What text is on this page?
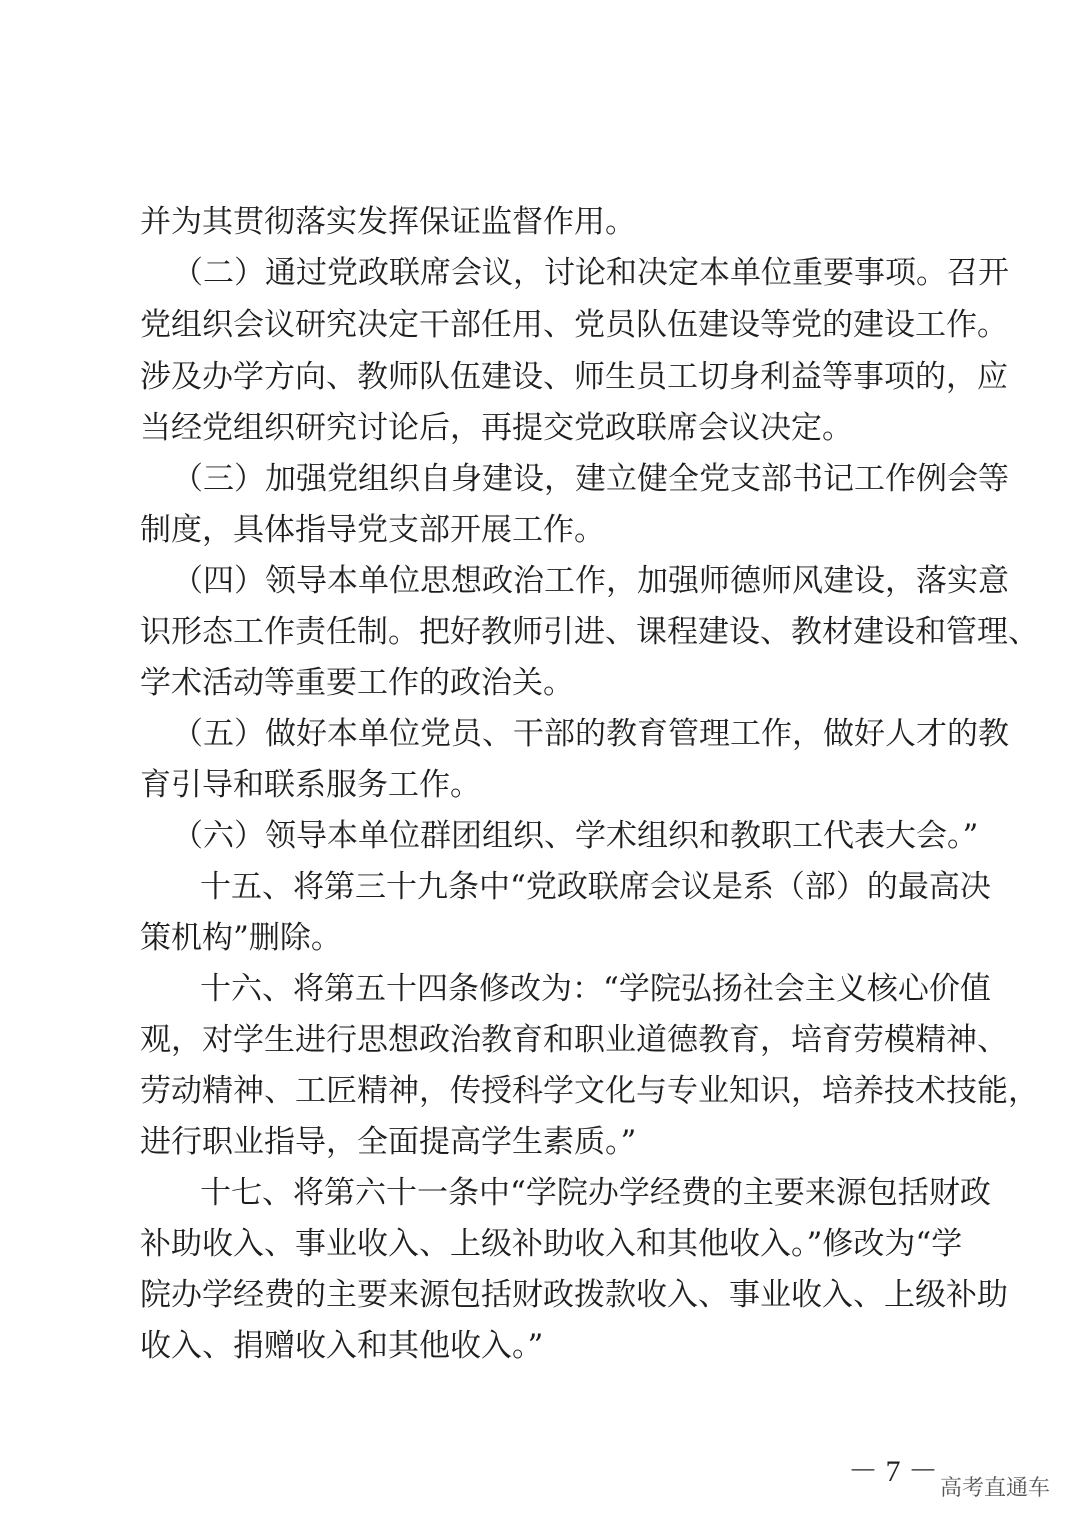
并为其贯彻落实发挥保证监督作用。
（二）通过党政联席会议，讨论和决定本单位重要事项。召开
党组织会议研究决定干部任用、党员队伍建设等党的建设工作。
涉及办学方向、教师队伍建设、师生员工切身利益等事项的，应
当经党组织研究讨论后，再提交党政联席会议决定。
（三）加强党组织自身建设，建立健全党支部书记工作例会等
制度，具体指导党支部开展工作。
（四）领导本单位思想政治工作，加强师德师风建设，落实意
识形态工作责任制。把好教师引进、课程建设、教材建设和管理、
学术活动等重要工作的政治关。
（五）做好本单位党员、干部的教育管理工作，做好人才的教
育引导和联系服务工作。
（六）领导本单位群团组织、学术组织和教职工代表大会。”
十五、将第三十九条中“党政联席会议是系（部）的最高决
策机构”删除。
十六、将第五十四条修改为：“学院弘扬社会主义核心价值
观，对学生进行思想政治教育和职业道德教育，培育劳模精神、
劳动精神、工匠精神，传授科学文化与专业知识，培养技术技能，
进行职业指导，全面提高学生素质。”
十七、将第六十一条中“学院办学经费的主要来源包括财政
补助收入、事业收入、上级补助收入和其他收入。”修改为“学
院办学经费的主要来源包括财政拨款收入、事业收入、上级补助
收入、捐赠收入和其他收入。”
－ 7 －
高考直通车
